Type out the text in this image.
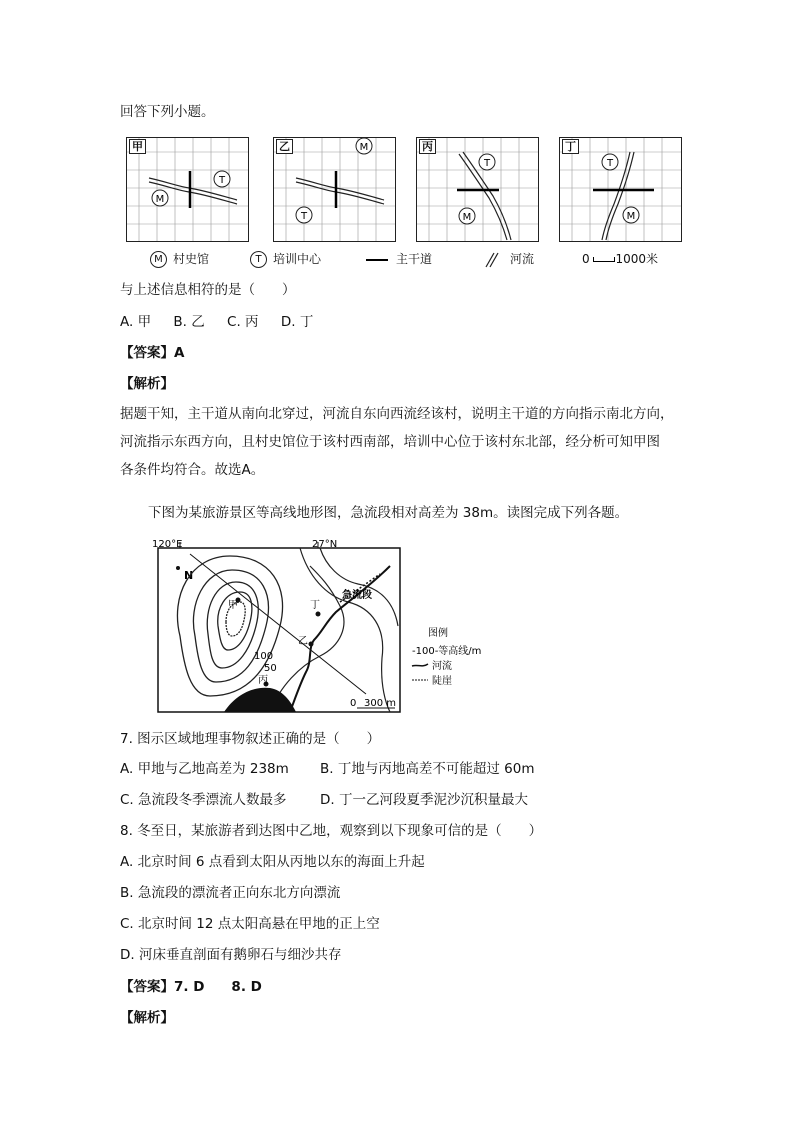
回答下列小题。
M
T
甲	M
T
乙
T
M
丙
T
M
丁
M 村史馆	T 培训中心	主干道	河流	0 1000米
与上述信息相符的是（　　）
A. 甲 B. 乙 C. 丙 D. 丁
【答案】A
【解析】
据题干知，主干道从南向北穿过，河流自东向西流经该村，说明主干道的方向指示南北方向，
河流指示东西方向，且村史馆位于该村西南部，培训中心位于该村东北部，经分析可知甲图
各条件均符合。故选A。
下图为某旅游景区等高线地形图，急流段相对高差为 38m。读图完成下列各题。
120°E	27°N
N
甲
急流段
丁
乙
100
50
丙
图例
-100-等高线/m
河流
陡崖
0 300 m
7. 图示区域地理事物叙述正确的是（　　）
A. 甲地与乙地高差为 238m B. 丁地与丙地高差不可能超过 60m
C. 急流段冬季漂流人数最多 D. 丁一乙河段夏季泥沙沉积量最大
8. 冬至日，某旅游者到达图中乙地，观察到以下现象可信的是（　　）
A. 北京时间 6 点看到太阳从丙地以东的海面上升起
B. 急流段的漂流者正向东北方向漂流
C. 北京时间 12 点太阳高悬在甲地的正上空
D. 河床垂直剖面有鹅卵石与细沙共存
【答案】7. D　　8. D
【解析】
